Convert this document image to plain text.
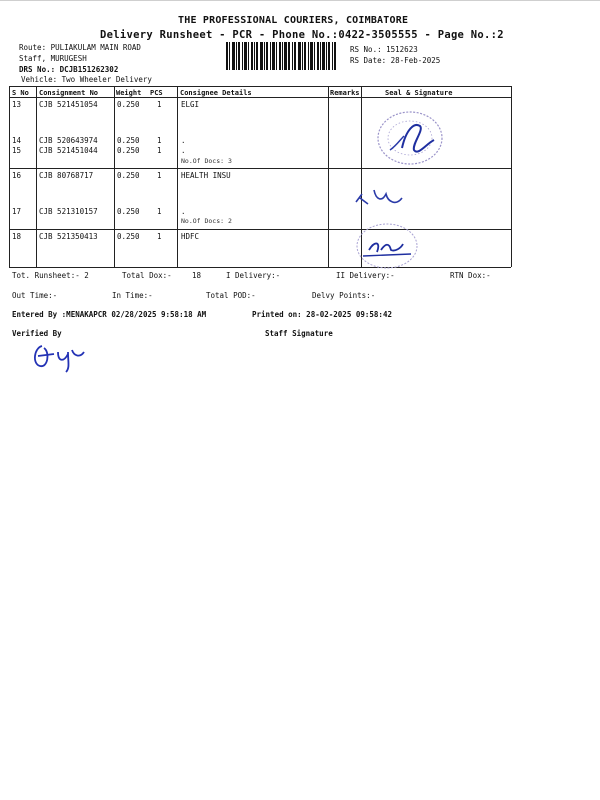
THE PROFESSIONAL COURIERS, COIMBATORE
Delivery Runsheet - PCR - Phone No.:0422-3505555 - Page No.:2
Route: PULIAKULAM MAIN ROAD
Staff, MURUGESH
DRS No.: DCJB151262302
Vehicle: Two Wheeler Delivery
RS No.: 1512623
RS Date: 28-Feb-2025
S No Consignment No	Weight PCS Consignee Details	Remarks	Seal & Signature
13 CJB 521451054	0.250 1	ELGI
14 CJB 520643974	0.250 1	.
15 CJB 521451044	0.250 1	.
No.Of Docs: 3
16 CJB 80768717	0.250 1	HEALTH INSU
17 CJB 521310157	0.250 1	.
No.Of Docs: 2
18 CJB 521350413	0.250 1	HDFC
Tot. Runsheet:- 2	Total Dox:-	18	I Delivery:-	II Delivery:-	RTN Dox:-
Out Time:-	In Time:-	Total POD:-	Delvy Points:-
Entered By :MENAKAPCR 02/28/2025 9:58:18 AM	Printed on: 28-02-2025 09:58:42
Verified By	Staff Signature
